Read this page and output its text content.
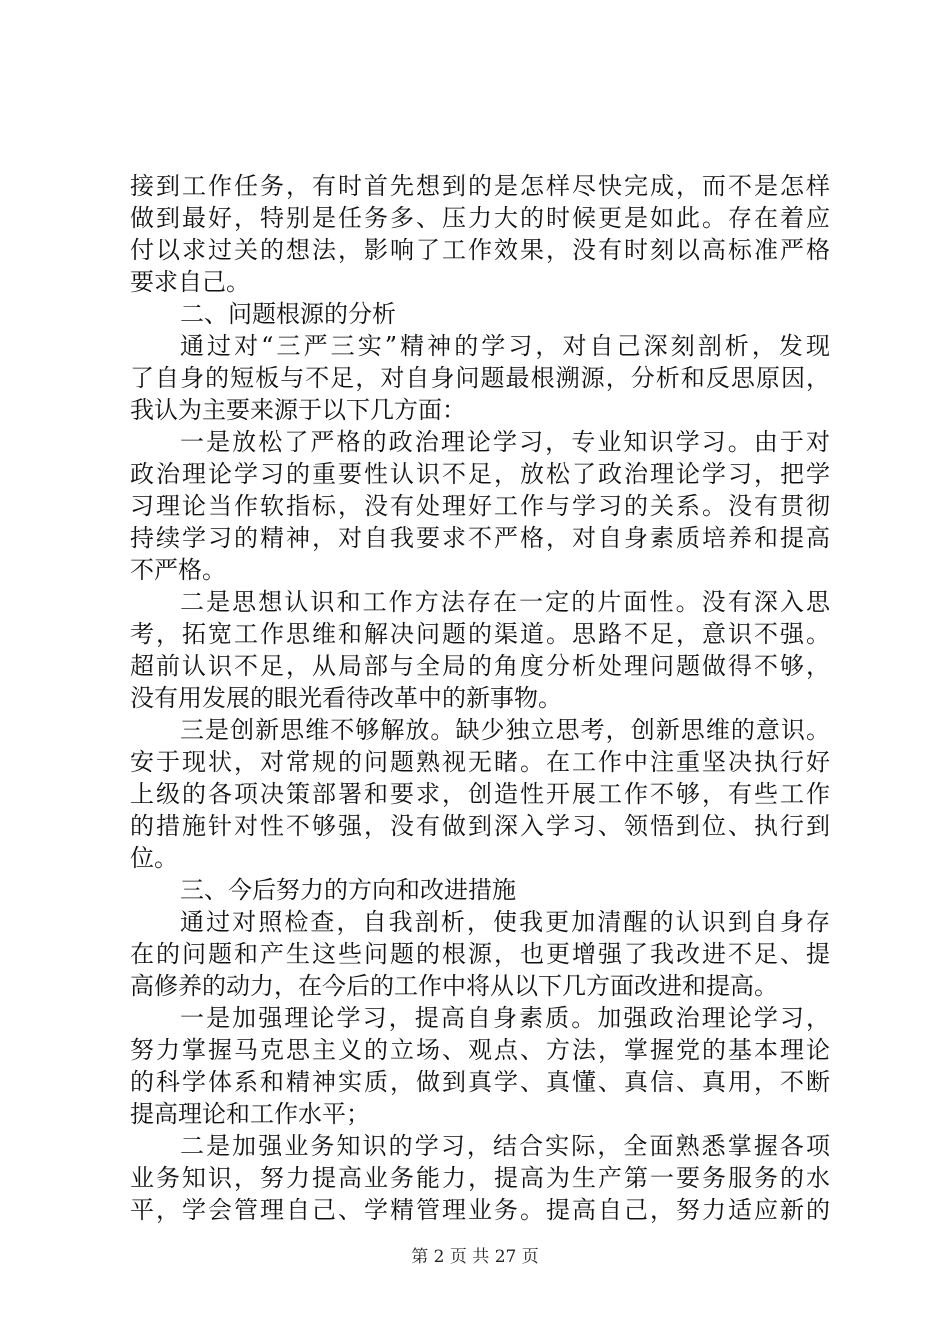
接到工作任务，有时首先想到的是怎样尽快完成，而不是怎样
做到最好，特别是任务多、压力大的时候更是如此。存在着应
付以求过关的想法，影响了工作效果，没有时刻以高标准严格
要求自己。
二、问题根源的分析
通过对“三严三实”精神的学习，对自己深刻剖析，发现
了自身的短板与不足，对自身问题最根溯源，分析和反思原因，
我认为主要来源于以下几方面：
一是放松了严格的政治理论学习，专业知识学习。由于对
政治理论学习的重要性认识不足，放松了政治理论学习，把学
习理论当作软指标，没有处理好工作与学习的关系。没有贯彻
持续学习的精神，对自我要求不严格，对自身素质培养和提高
不严格。
二是思想认识和工作方法存在一定的片面性。没有深入思
考，拓宽工作思维和解决问题的渠道。思路不足，意识不强。
超前认识不足，从局部与全局的角度分析处理问题做得不够，
没有用发展的眼光看待改革中的新事物。
三是创新思维不够解放。缺少独立思考，创新思维的意识。
安于现状，对常规的问题熟视无睹。在工作中注重坚决执行好
上级的各项决策部署和要求，创造性开展工作不够，有些工作
的措施针对性不够强，没有做到深入学习、领悟到位、执行到
位。
三、今后努力的方向和改进措施
通过对照检查，自我剖析，使我更加清醒的认识到自身存
在的问题和产生这些问题的根源，也更增强了我改进不足、提
高修养的动力，在今后的工作中将从以下几方面改进和提高。
一是加强理论学习，提高自身素质。加强政治理论学习，
努力掌握马克思主义的立场、观点、方法，掌握党的基本理论
的科学体系和精神实质，做到真学、真懂、真信、真用，不断
提高理论和工作水平；
二是加强业务知识的学习，结合实际，全面熟悉掌握各项
业务知识，努力提高业务能力，提高为生产第一要务服务的水
平，学会管理自己、学精管理业务。提高自己，努力适应新的
第 2 页 共 27 页
